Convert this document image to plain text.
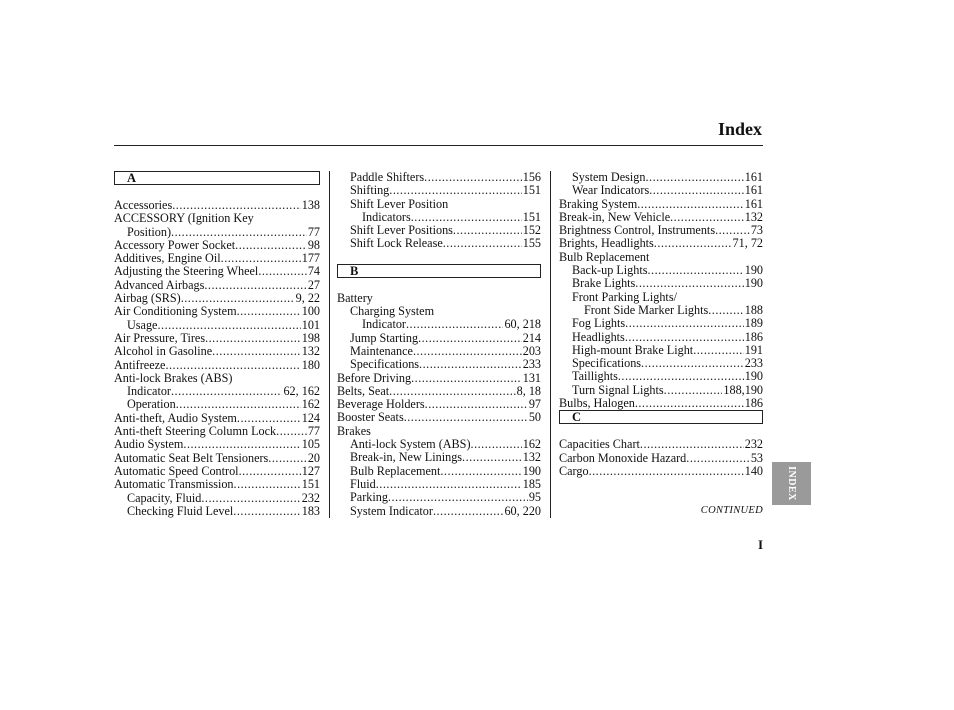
Index
A
Accessories .....	138
ACCESSORY (Ignition Key
Position) .....	77
Accessory Power Socket .....	98
Additives, Engine Oil .....	177
Adjusting the Steering Wheel .....	74
Advanced Airbags .....	27
Airbag (SRS) .....	9, 22
Air Conditioning System .....	100
Usage .....	101
Air Pressure, Tires .....	198
Alcohol in Gasoline .....	132
Antifreeze .....	180
Anti-lock Brakes (ABS)
Indicator .....	62, 162
Operation .....	162
Anti-theft, Audio System .....	124
Anti-theft Steering Column Lock .....	77
Audio System .....	105
Automatic Seat Belt Tensioners .....	20
Automatic Speed Control .....	127
Automatic Transmission .....	151
Capacity, Fluid .....	232
Checking Fluid Level .....	183
Paddle Shifters .....	156
Shifting .....	151
Shift Lever Position
Indicators .....	151
Shift Lever Positions .....	152
Shift Lock Release .....	155
B
Battery
Charging System
Indicator .....	60, 218
Jump Starting .....	214
Maintenance .....	203
Specifications .....	233
Before Driving .....	131
Belts, Seat .....	8, 18
Beverage Holders .....	97
Booster Seats .....	50
Brakes
Anti-lock System (ABS) .....	162
Break-in, New Linings .....	132
Bulb Replacement .....	190
Fluid .....	185
Parking .....	95
System Indicator .....	60, 220
System Design .....	161
Wear Indicators .....	161
Braking System .....	161
Break-in, New Vehicle .....	132
Brightness Control, Instruments .....	73
Brights, Headlights .....	71, 72
Bulb Replacement
Back-up Lights .....	190
Brake Lights .....	190
Front Parking Lights/
Front Side Marker Lights .....	188
Fog Lights .....	189
Headlights .....	186
High-mount Brake Light .....	191
Specifications .....	233
Taillights .....	190
Turn Signal Lights .....	188,190
Bulbs, Halogen .....	186
C
Capacities Chart .....	232
Carbon Monoxide Hazard .....	53
Cargo .....	140
CONTINUED
I
INDEX
